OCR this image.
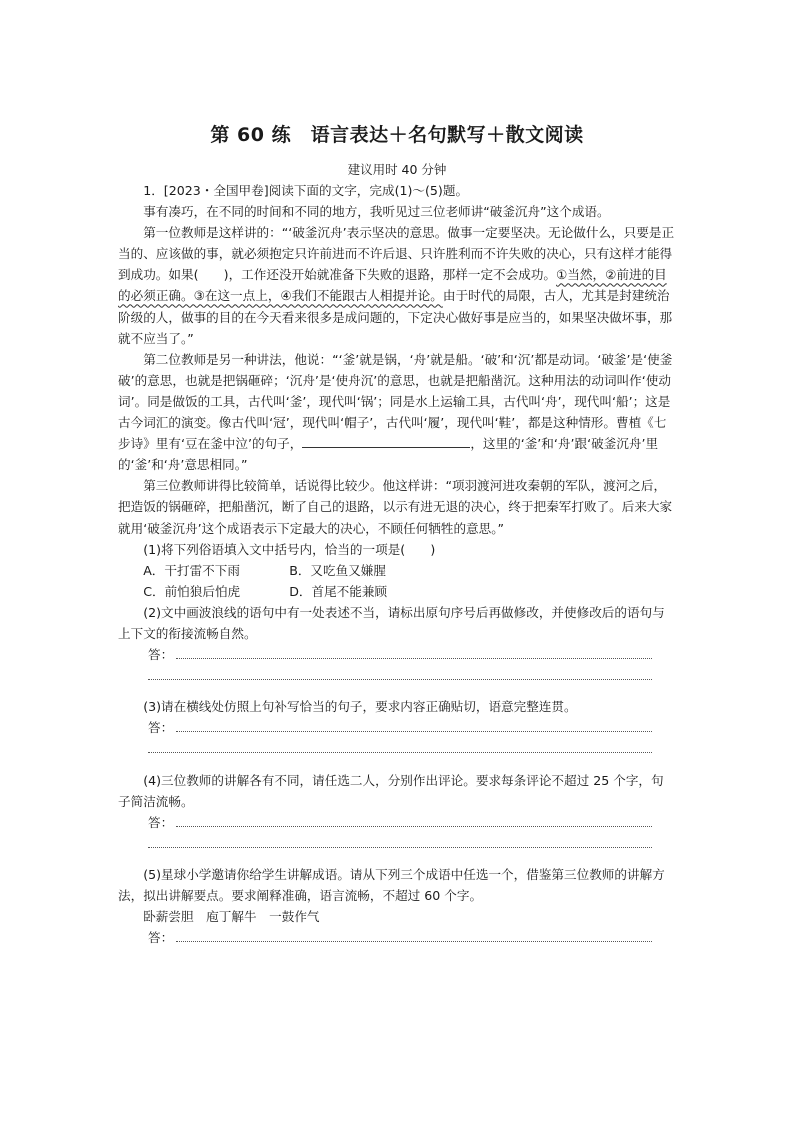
第 60 练　语言表达＋名句默写＋散文阅读
建议用时 40 分钟

1．[2023・全国甲卷]阅读下面的文字，完成(1)～(5)题。

事有凑巧，在不同的时间和不同的地方，我听见过三位老师讲“破釜沉舟”这个成语。

第一位教师是这样讲的：“‘破釜沉舟’表示坚决的意思。做事一定要坚决。无论做什么，只要是正当的、应该做的事，就必须抱定只许前进而不许后退、只许胜利而不许失败的决心，只有这样才能得到成功。如果(　　)，工作还没开始就准备下失败的退路，那样一定不会成功。①当然，②前进的目的必须正确。③在这一点上，④我们不能跟古人相提并论。由于时代的局限，古人，尤其是封建统治阶级的人，做事的目的在今天看来很多是成问题的，下定决心做好事是应当的，如果坚决做坏事，那就不应当了。”

第二位教师是另一种讲法，他说：“‘釜’就是锅，‘舟’就是船。‘破’和‘沉’都是动词。‘破釜’是‘使釜破’的意思，也就是把锅砸碎；‘沉舟’是‘使舟沉’的意思，也就是把船凿沉。这种用法的动词叫作‘使动词’。同是做饭的工具，古代叫‘釜’，现代叫‘锅’；同是水上运输工具，古代叫‘舟’，现代叫‘船’；这是古今词汇的演变。像古代叫‘冠’，现代叫‘帽子’，古代叫‘履’，现代叫‘鞋’，都是这种情形。曹植《七步诗》里有‘豆在釜中泣’的句子，	，这里的‘釜’和‘舟’跟‘破釜沉舟’里的‘釜’和‘舟’意思相同。”

第三位教师讲得比较简单，话说得比较少。他这样讲：“项羽渡河进攻秦朝的军队，渡河之后，把造饭的锅砸碎，把船凿沉，断了自己的退路，以示有进无退的决心，终于把秦军打败了。后来大家就用‘破釜沉舟’这个成语表示下定最大的决心，不顾任何牺牲的意思。”

(1)将下列俗语填入文中括号内，恰当的一项是(　　)

A．干打雷不下雨	B．又吃鱼又嫌腥

C．前怕狼后怕虎	D．首尾不能兼顾

(2)文中画波浪线的语句中有一处表述不当，请标出原句序号后再做修改，并使修改后的语句与上下文的衔接流畅自然。

答：

(3)请在横线处仿照上句补写恰当的句子，要求内容正确贴切，语意完整连贯。

答：

(4)三位教师的讲解各有不同，请任选二人，分别作出评论。要求每条评论不超过 25 个字，句子简洁流畅。

答：

(5)星球小学邀请你给学生讲解成语。请从下列三个成语中任选一个，借鉴第三位教师的讲解方法，拟出讲解要点。要求阐释准确，语言流畅，不超过 60 个字。

卧薪尝胆　庖丁解牛　一鼓作气

答：
